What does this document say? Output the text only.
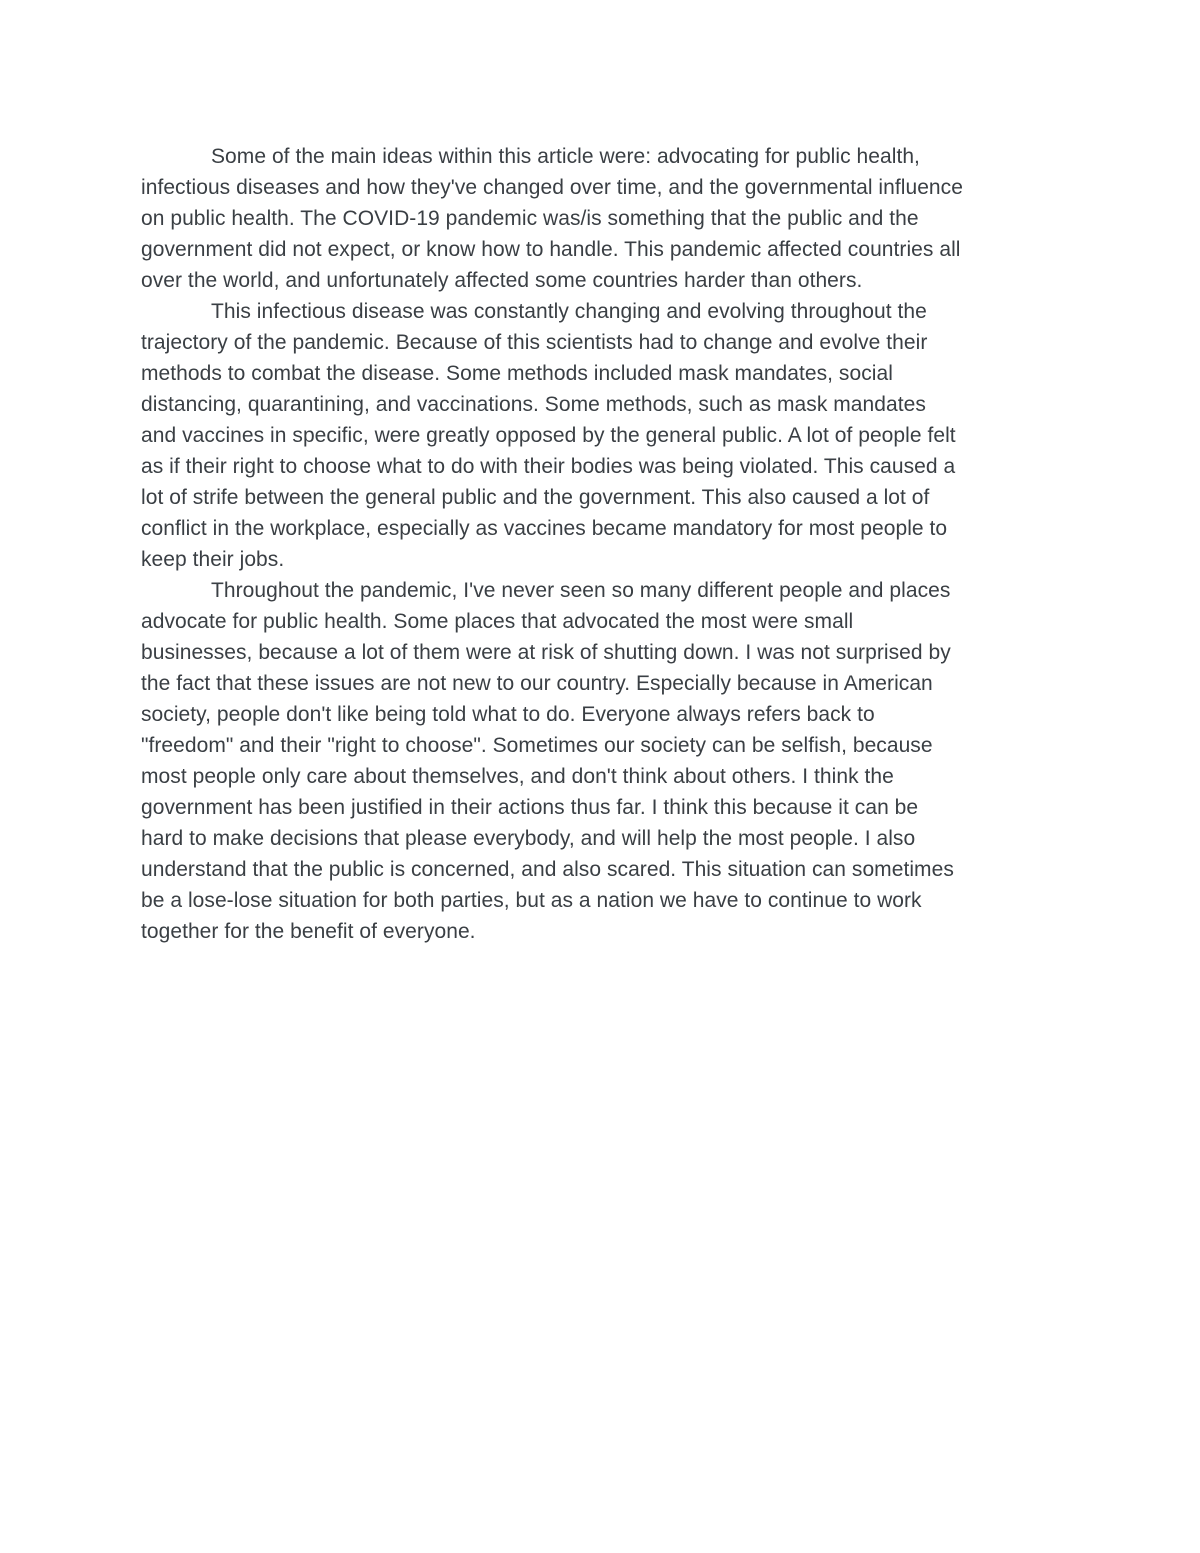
Some of the main ideas within this article were: advocating for public health,
infectious diseases and how they've changed over time, and the governmental influence
on public health. The COVID-19 pandemic was/is something that the public and the
government did not expect, or know how to handle. This pandemic affected countries all
over the world, and unfortunately affected some countries harder than others.
This infectious disease was constantly changing and evolving throughout the
trajectory of the pandemic. Because of this scientists had to change and evolve their
methods to combat the disease. Some methods included mask mandates, social
distancing, quarantining, and vaccinations. Some methods, such as mask mandates
and vaccines in specific, were greatly opposed by the general public. A lot of people felt
as if their right to choose what to do with their bodies was being violated. This caused a
lot of strife between the general public and the government. This also caused a lot of
conflict in the workplace, especially as vaccines became mandatory for most people to
keep their jobs.
Throughout the pandemic, I've never seen so many different people and places
advocate for public health. Some places that advocated the most were small
businesses, because a lot of them were at risk of shutting down. I was not surprised by
the fact that these issues are not new to our country. Especially because in American
society, people don't like being told what to do. Everyone always refers back to
"freedom" and their "right to choose". Sometimes our society can be selfish, because
most people only care about themselves, and don't think about others. I think the
government has been justified in their actions thus far. I think this because it can be
hard to make decisions that please everybody, and will help the most people. I also
understand that the public is concerned, and also scared. This situation can sometimes
be a lose-lose situation for both parties, but as a nation we have to continue to work
together for the benefit of everyone.
